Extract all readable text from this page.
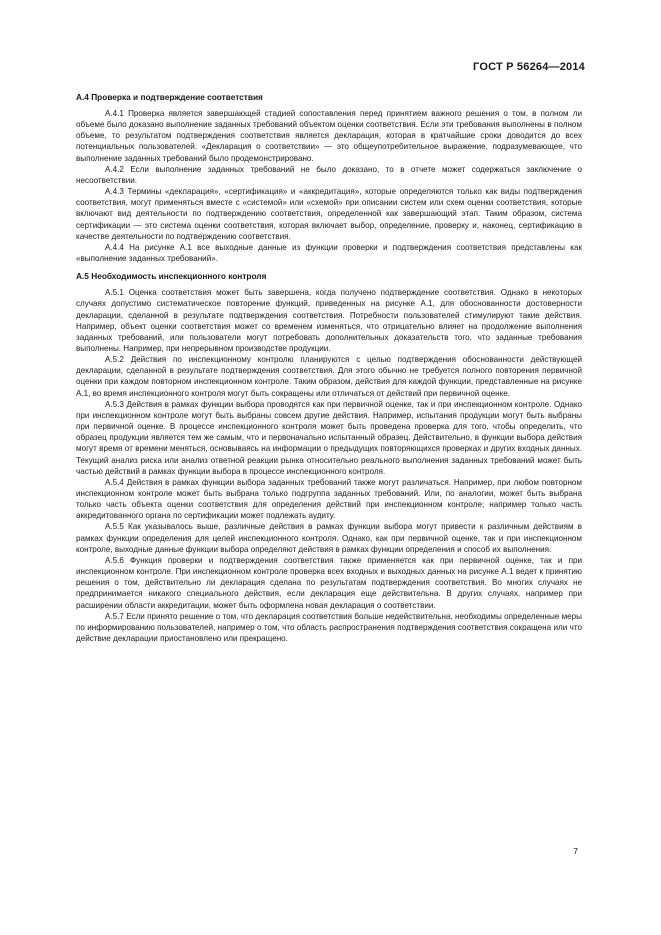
ГОСТ Р 56264—2014
А.4 Проверка и подтверждение соответствия

А.4.1 Проверка является завершающей стадией сопоставления перед принятием важного решения о том, в полном ли объеме было доказано выполнение заданных требований объектом оценки соответствия. Если эти требования выполнены в полном объеме, то результатом подтверждения соответствия является декларация, которая в кратчайшие сроки доводится до всех потенциальных пользователей. «Декларация о соответствии» — это общеупотребительное выражение, подразумевающее, что выполнение заданных требований было продемонстрировано.

А.4.2 Если выполнение заданных требований не было доказано, то в отчете может содержаться заключение о несоответствии.

А.4.3 Термины «декларация», «сертификация» и «аккредитация», которые определяются только как виды подтверждения соответствия, могут применяться вместе с «системой» или «схемой» при описании систем или схем оценки соответствия, которые включают вид деятельности по подтверждению соответствия, определенной как завершающий этап. Таким образом, система сертификации — это система оценки соответствия, которая включает выбор, определение, проверку и, наконец, сертификацию в качестве деятельности по подтверждению соответствия.

А.4.4 На рисунке А.1 все выходные данные из функции проверки и подтверждения соответствия представлены как «выполнение заданных требований».

А.5 Необходимость инспекционного контроля

А.5.1 Оценка соответствия может быть завершена, когда получено подтверждение соответствия. Однако в некоторых случаях допустимо систематическое повторение функций, приведенных на рисунке А.1, для обоснованности достоверности декларации, сделанной в результате подтверждения соответствия. Потребности пользователей стимулируют такие действия. Например, объект оценки соответствия может со временем изменяться, что отрицательно влияет на продолжение выполнения заданных требований, или пользователи могут потребовать дополнительных доказательств того, что заданные требования выполнены. Например, при непрерывном производстве продукции.

А.5.2 Действия по инспекционному контролю планируются с целью подтверждения обоснованности действующей декларации, сделанной в результате подтверждения соответствия. Для этого обычно не требуется полного повторения первичной оценки при каждом повторном инспекционном контроле. Таким образом, действия для каждой функции, представленные на рисунке А.1, во время инспекционного контроля могут быть сокращены или отличаться от действий при первичной оценке.

А.5.3 Действия в рамках функции выбора проводятся как при первичной оценке, так и при инспекционном контроле. Однако при инспекционном контроле могут быть выбраны совсем другие действия. Например, испытания продукции могут быть выбраны при первичной оценке. В процессе инспекционного контроля может быть проведена проверка для того, чтобы определить, что образец продукции является тем же самым, что и первоначально испытанный образец. Действительно, в функции выбора действия могут время от времени меняться, основываясь на информации о предыдущих повторяющихся проверках и других входных данных. Текущий анализ риска или анализ ответной реакции рынка относительно реального выполнения заданных требований может быть частью действий в рамках функции выбора в процессе инспекционного контроля.

А.5.4 Действия в рамках функции выбора заданных требований также могут различаться. Например, при любом повторном инспекционном контроле может быть выбрана только подгруппа заданных требований. Или, по аналогии, может быть выбрана только часть объекта оценки соответствия для определения действий при инспекционном контроле; например только часть аккредитованного органа по сертификации может подлежать аудиту.

А.5.5 Как указывалось выше, различные действия в рамках функции выбора могут привести к различным действиям в рамках функции определения для целей инспекционного контроля. Однако, как при первичной оценке, так и при инспекционном контроле, выходные данные функции выбора определяют действия в рамках функции определения и способ их выполнения.

А.5.6 Функция проверки и подтверждения соответствия также применяется как при первичной оценке, так и при инспекционном контроле. При инспекционном контроле проверка всех входных и выходных данных на рисунке А.1 ведет к принятию решения о том, действительно ли декларация сделана по результатам подтверждения соответствия. Во многих случаях не предпринимается никакого специального действия, если декларация еще действительна. В других случаях, например при расширении области аккредитации, может быть оформлена новая декларация о соответствии.

А.5.7 Если принято решение о том, что декларация соответствия больше недействительна, необходимы определенные меры по информированию пользователей, например о том, что область распространения подтверждения соответствия сокращена или что действие декларации приостановлено или прекращено.

7
